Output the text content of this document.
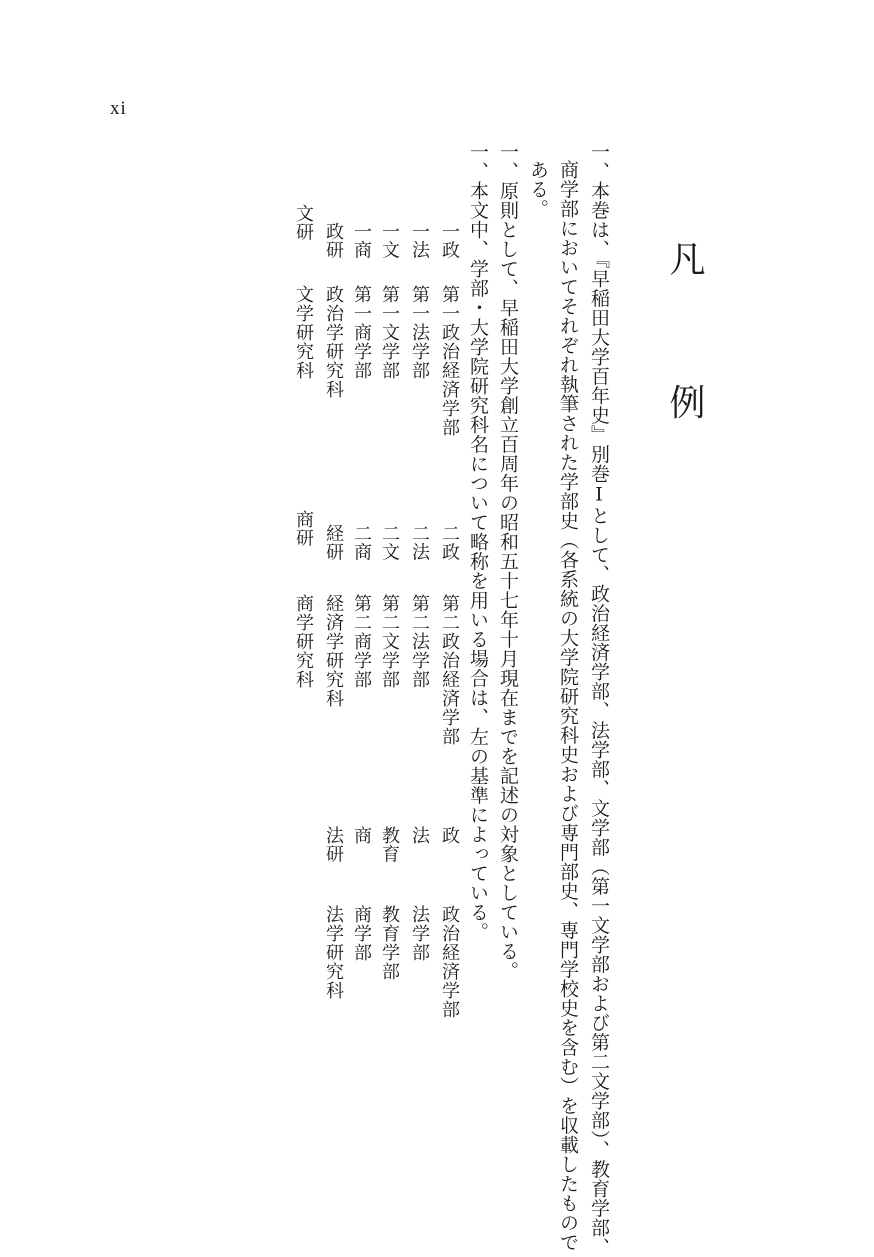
xi
凡 例
一、本巻は、『早稲田大学百年史』別巻Ⅰとして、政治経済学部、法学部、文学部（第一文学部および第二文学部）、教育学部、
商学部においてそれぞれ執筆された学部史（各系統の大学院研究科史および専門部史、専門学校史を含む）を収載したもので
ある。
一、原則として、早稲田大学創立百周年の昭和五十七年十月現在までを記述の対象としている。
一、本文中、学部・大学院研究科名について略称を用いる場合は、左の基準によっている。
一政
第一政治経済学部
二政
第二政治経済学部
政
政治経済学部
一法
第一法学部
二法
第二法学部
法
法学部
一文
第一文学部
二文
第二文学部
教育
教育学部
一商
第一商学部
二商
第二商学部
商
商学部
政研
政治学研究科
経研
経済学研究科
法研
法学研究科
文研
文学研究科
商研
商学研究科
